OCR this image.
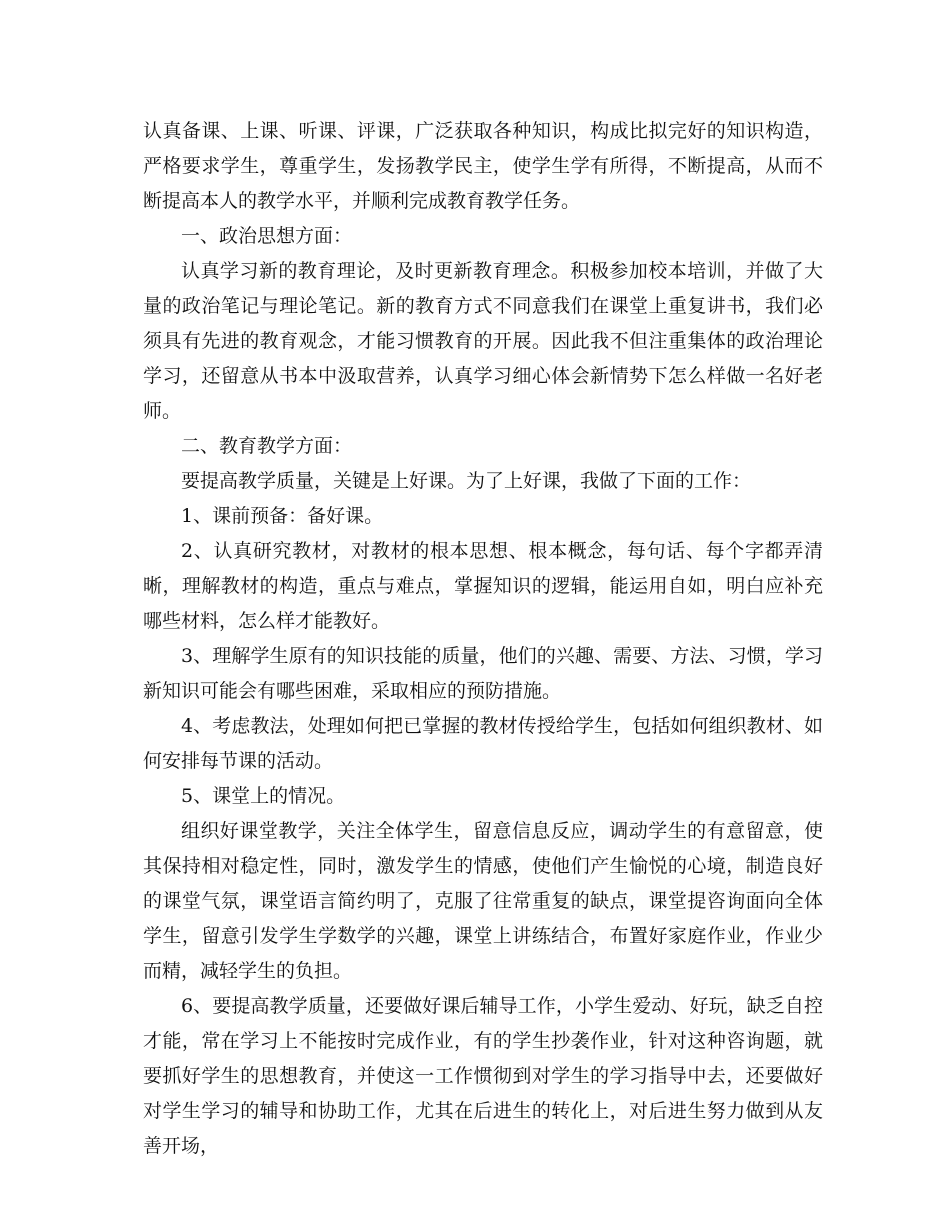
认真备课、上课、听课、评课，广泛获取各种知识，构成比拟完好的知识构造，严格要求学生，尊重学生，发扬教学民主，使学生学有所得，不断提高，从而不断提高本人的教学水平，并顺利完成教育教学任务。

一、政治思想方面：

认真学习新的教育理论，及时更新教育理念。积极参加校本培训，并做了大量的政治笔记与理论笔记。新的教育方式不同意我们在课堂上重复讲书，我们必须具有先进的教育观念，才能习惯教育的开展。因此我不但注重集体的政治理论学习，还留意从书本中汲取营养，认真学习细心体会新情势下怎么样做一名好老师。

二、教育教学方面：

要提高教学质量，关键是上好课。为了上好课，我做了下面的工作：

1、课前预备：备好课。

2、认真研究教材，对教材的根本思想、根本概念，每句话、每个字都弄清晰，理解教材的构造，重点与难点，掌握知识的逻辑，能运用自如，明白应补充哪些材料，怎么样才能教好。

3、理解学生原有的知识技能的质量，他们的兴趣、需要、方法、习惯，学习新知识可能会有哪些困难，采取相应的预防措施。

4、考虑教法，处理如何把已掌握的教材传授给学生，包括如何组织教材、如何安排每节课的活动。

5、课堂上的情况。

组织好课堂教学，关注全体学生，留意信息反应，调动学生的有意留意，使其保持相对稳定性，同时，激发学生的情感，使他们产生愉悦的心境，制造良好的课堂气氛，课堂语言简约明了，克服了往常重复的缺点，课堂提咨询面向全体学生，留意引发学生学数学的兴趣，课堂上讲练结合，布置好家庭作业，作业少而精，减轻学生的负担。

6、要提高教学质量，还要做好课后辅导工作，小学生爱动、好玩，缺乏自控才能，常在学习上不能按时完成作业，有的学生抄袭作业，针对这种咨询题，就要抓好学生的思想教育，并使这一工作惯彻到对学生的学习指导中去，还要做好对学生学习的辅导和协助工作，尤其在后进生的转化上，对后进生努力做到从友善开场，
